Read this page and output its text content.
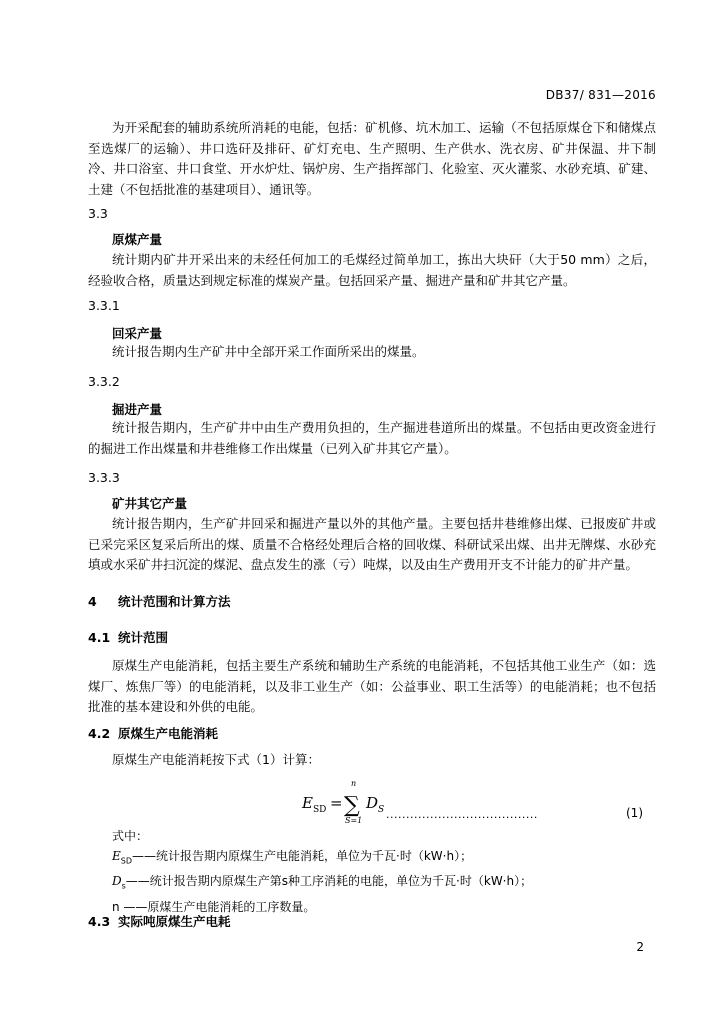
DB37/ 831—2016

为开采配套的辅助系统所消耗的电能，包括：矿机修、坑木加工、运输（不包括原煤仓下和储煤点至选煤厂的运输）、井口选矸及排矸、矿灯充电、生产照明、生产供水、洗衣房、矿井保温、井下制冷、井口浴室、井口食堂、开水炉灶、锅炉房、生产指挥部门、化验室、灭火灌浆、水砂充填、矿建、土建（不包括批准的基建项目）、通讯等。

3.3
原煤产量

统计期内矿井开采出来的未经任何加工的毛煤经过简单加工，拣出大块矸（大于50 mm）之后，经验收合格，质量达到规定标准的煤炭产量。包括回采产量、掘进产量和矿井其它产量。

3.3.1
回采产量

统计报告期内生产矿井中全部开采工作面所采出的煤量。

3.3.2
掘进产量

统计报告期内，生产矿井中由生产费用负担的，生产掘进巷道所出的煤量。不包括由更改资金进行的掘进工作出煤量和井巷维修工作出煤量（已列入矿井其它产量）。

3.3.3
矿井其它产量

统计报告期内，生产矿井回采和掘进产量以外的其他产量。主要包括井巷维修出煤、已报废矿井或已采完采区复采后所出的煤、质量不合格经处理后合格的回收煤、科研试采出煤、出井无牌煤、水砂充填或水采矿井扫沉淀的煤泥、盘点发生的涨（亏）吨煤，以及由生产费用开支不计能力的矿井产量。

4 统计范围和计算方法
4.1 统计范围

原煤生产电能消耗，包括主要生产系统和辅助生产系统的电能消耗，不包括其他工业生产（如：选煤厂、炼焦厂等）的电能消耗，以及非工业生产（如：公益事业、职工生活等）的电能消耗；也不包括批准的基本建设和外供的电能。

4.2 原煤生产电能消耗

原煤生产电能消耗按下式（1）计算：

E SD =
n
∑
S=1
D S ......................................	(1)
式中：
$E_{SD}——$统计报告期内原煤生产电能消耗，单位为千瓦·时（kW·h）；
$D_s——$统计报告期内原煤生产第s种工序消耗的电能，单位为千瓦·时（kW·h）；
n ——原煤生产电能消耗的工序数量。
4.3 实际吨原煤生产电耗
2
